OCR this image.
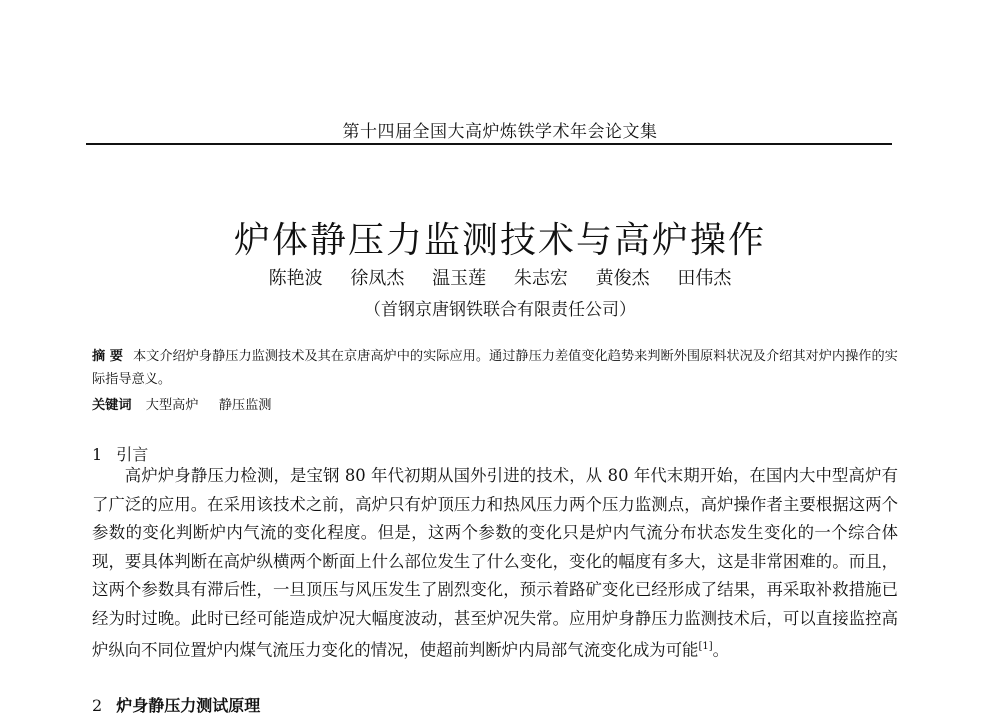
第十四届全国大高炉炼铁学术年会论文集
炉体静压力监测技术与高炉操作
陈艳波 徐凤杰 温玉莲 朱志宏 黄俊杰 田伟杰
（首钢京唐钢铁联合有限责任公司）
摘 要 本文介绍炉身静压力监测技术及其在京唐高炉中的实际应用。通过静压力差值变化趋势来判断外围原料状况及介绍其对炉内操作的实际指导意义。
关键词 大型高炉 静压监测
1 引言
高炉炉身静压力检测，是宝钢 80 年代初期从国外引进的技术，从 80 年代末期开始，在国内大中型高炉有了广泛的应用。在采用该技术之前，高炉只有炉顶压力和热风压力两个压力监测点，高炉操作者主要根据这两个参数的变化判断炉内气流的变化程度。但是，这两个参数的变化只是炉内气流分布状态发生变化的一个综合体现，要具体判断在高炉纵横两个断面上什么部位发生了什么变化，变化的幅度有多大，这是非常困难的。而且，这两个参数具有滞后性，一旦顶压与风压发生了剧烈变化，预示着路矿变化已经形成了结果，再采取补救措施已经为时过晚。此时已经可能造成炉况大幅度波动，甚至炉况失常。应用炉身静压力监测技术后，可以直接监控高炉纵向不同位置炉内煤气流压力变化的情况，使超前判断炉内局部气流变化成为可能[1]。
2 炉身静压力测试原理
